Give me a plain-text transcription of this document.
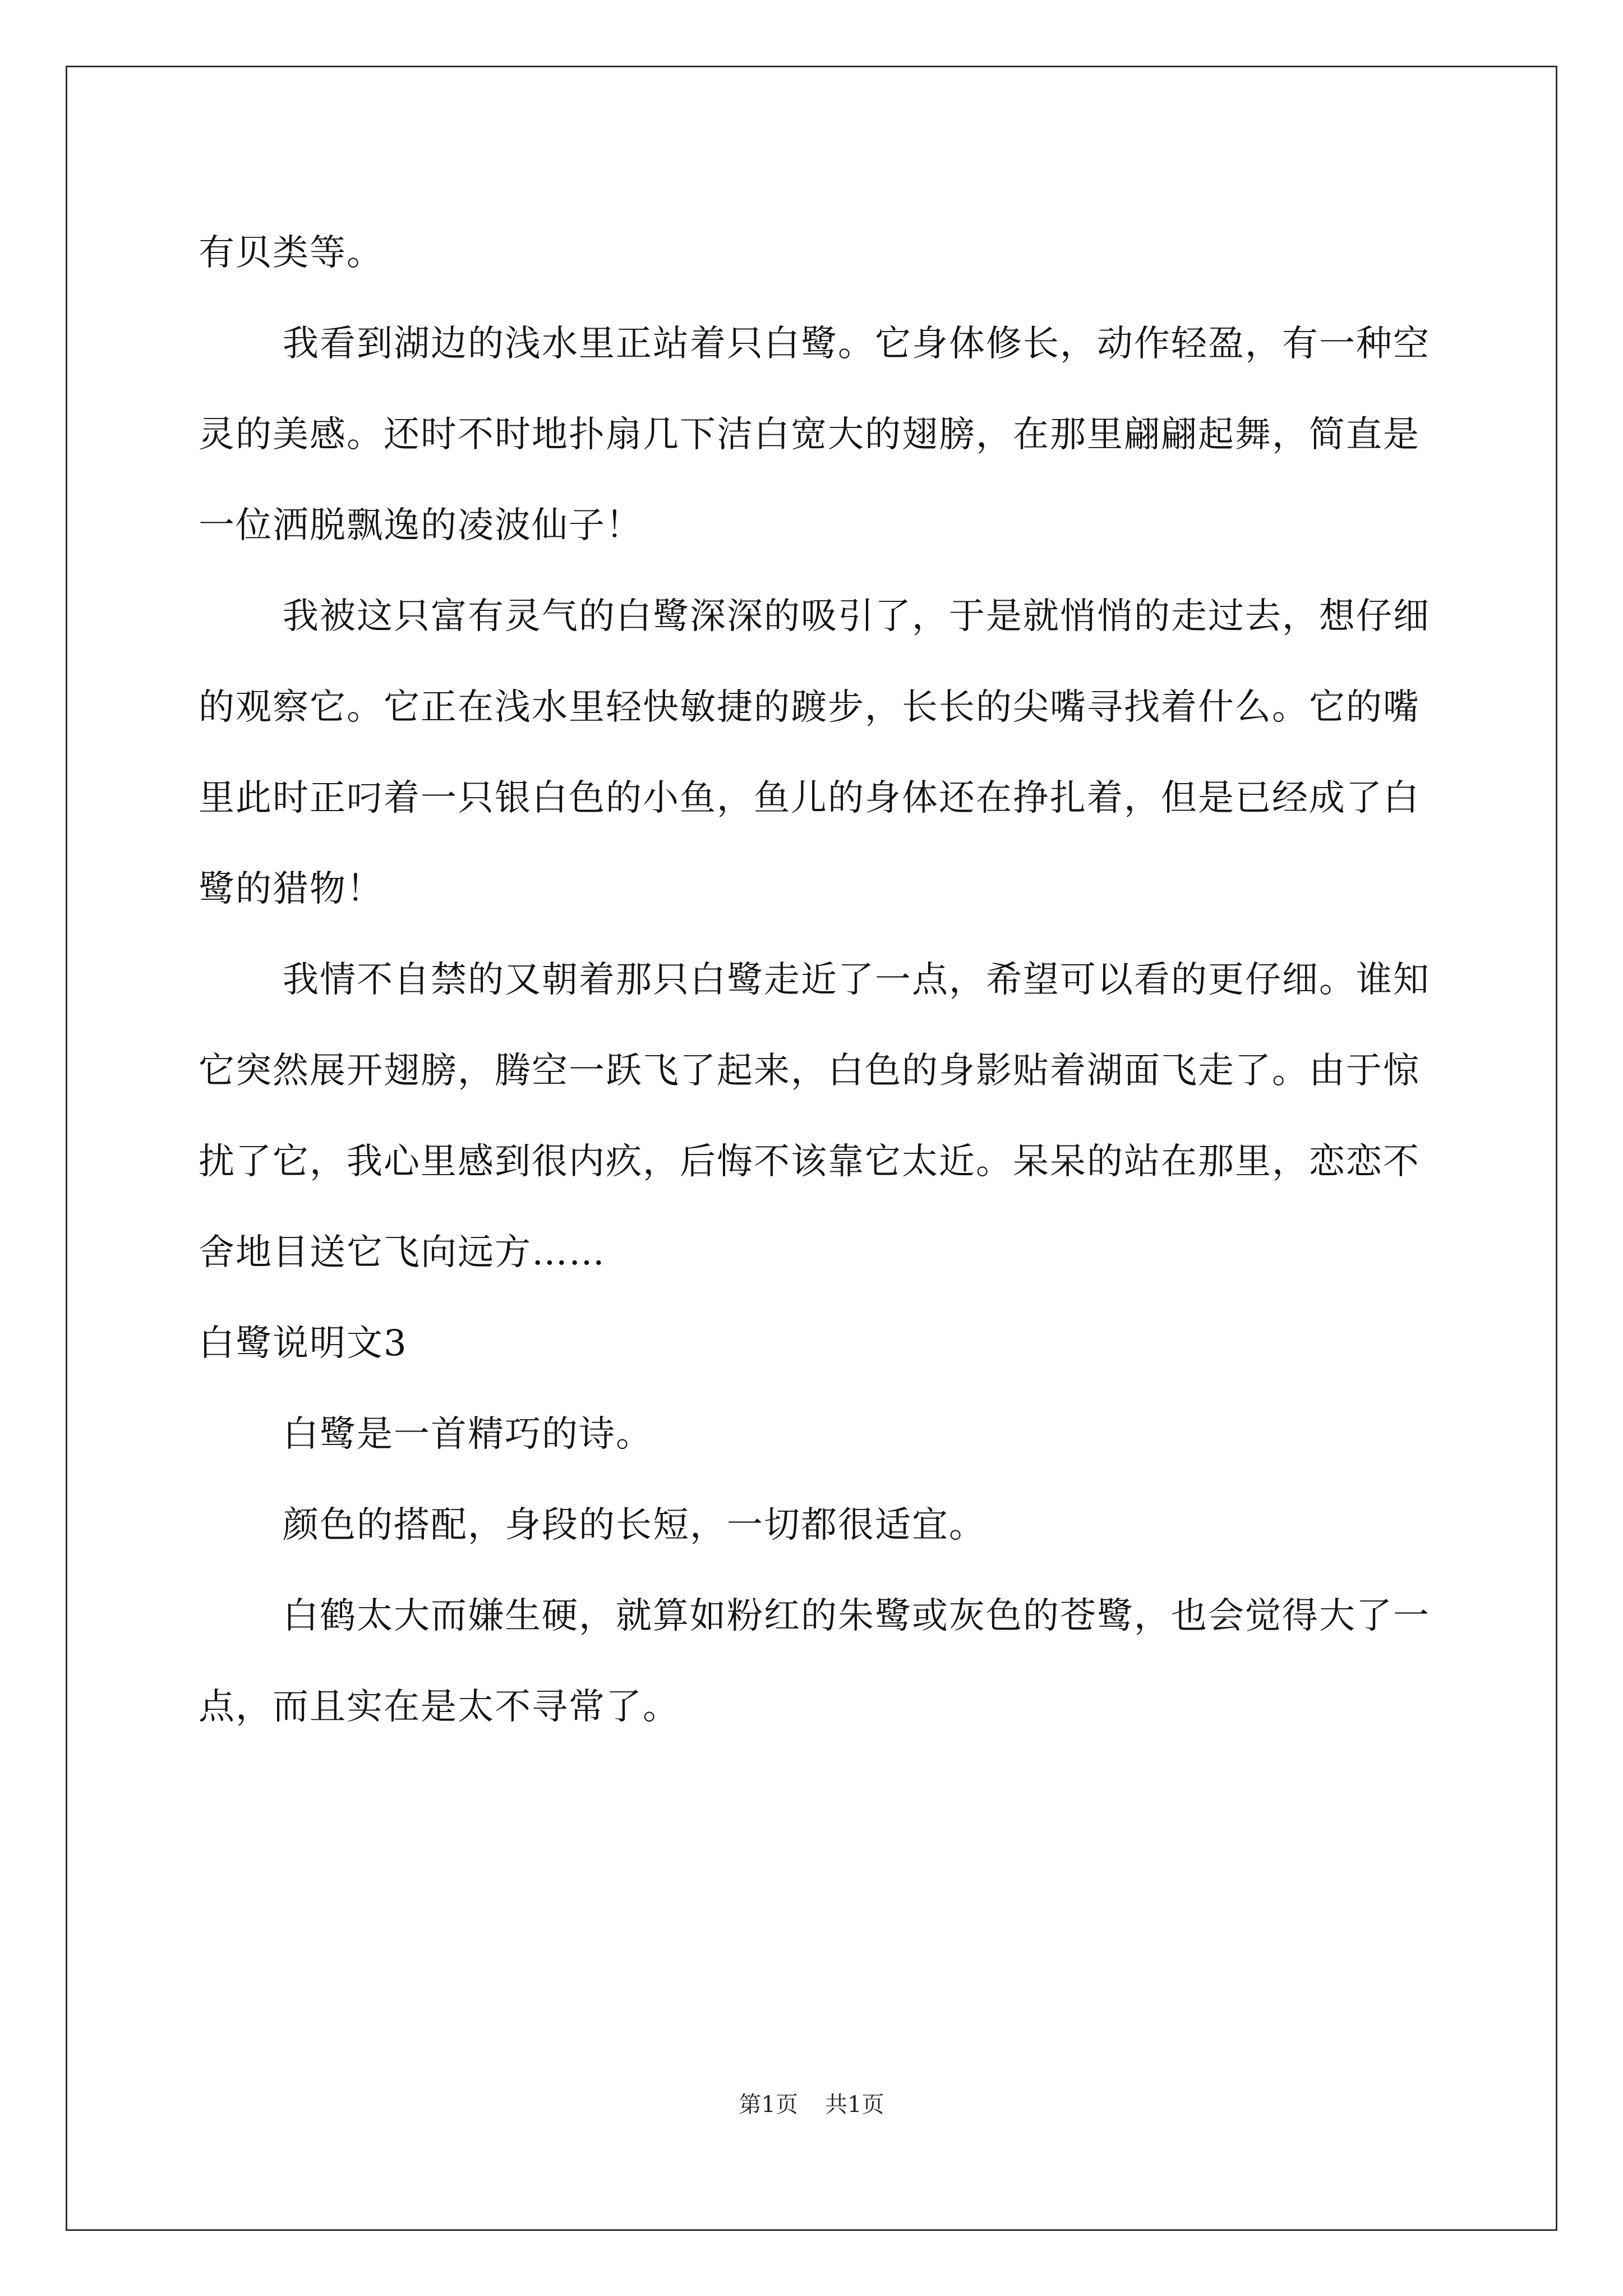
有贝类等。

我看到湖边的浅水里正站着只白鹭。它身体修长，动作轻盈，有一种空灵的美感。还时不时地扑扇几下洁白宽大的翅膀，在那里翩翩起舞，简直是一位洒脱飘逸的凌波仙子！

我被这只富有灵气的白鹭深深的吸引了，于是就悄悄的走过去，想仔细的观察它。它正在浅水里轻快敏捷的踱步，长长的尖嘴寻找着什么。它的嘴里此时正叼着一只银白色的小鱼，鱼儿的身体还在挣扎着，但是已经成了白鹭的猎物！

我情不自禁的又朝着那只白鹭走近了一点，希望可以看的更仔细。谁知它突然展开翅膀，腾空一跃飞了起来，白色的身影贴着湖面飞走了。由于惊扰了它，我心里感到很内疚，后悔不该靠它太近。呆呆的站在那里，恋恋不舍地目送它飞向远方……

白鹭说明文3

白鹭是一首精巧的诗。

颜色的搭配，身段的长短，一切都很适宜。

白鹤太大而嫌生硬，就算如粉红的朱鹭或灰色的苍鹭，也会觉得大了一点，而且实在是太不寻常了。

第1页 共1页
